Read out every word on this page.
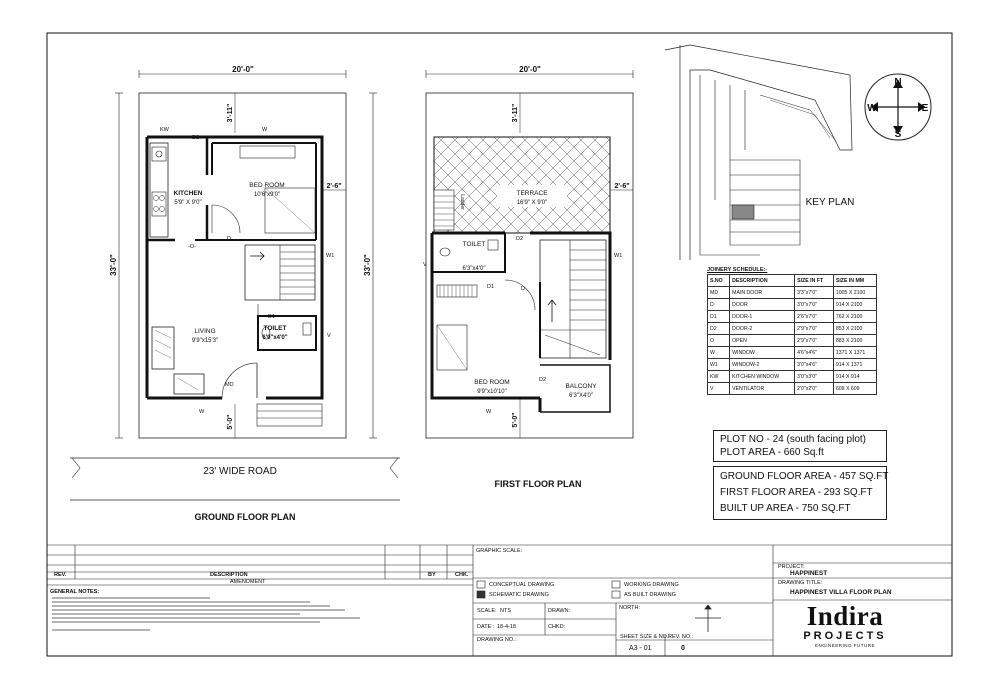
20'-0"
33'-0"	33'-0"
3'-11"
2'-6"
5'-0"
KITCHEN
5'9" X 9'0"
BED ROOM
10'6"x9'0"
LIVING
9'9"x15'3"
TOILET
6'0"x4'0"
KW
D2
W
D
-O-
W1
D1
V
MD
W
23' WIDE ROAD
GROUND FLOOR PLAN
20'-0"
3'-11"
2'-6"
5'-0"
Ladder
TERRACE
16'9" X 9'0"
TOILET
6'3"x4'0"
BED ROOM
9'9"x10'10"
BALCONY
6'3"X4'0"
D2
V
D1	D
W1
W
D2
FIRST FLOOR PLAN
KEY PLAN
N
S
E
W
JOINERY SCHEDULE:-
S.NO	DESCRIPTION	SIZE IN FT	SIZE IN MM
MD	MAIN DOOR	3'3"x7'0"	1005 X 2100
D	DOOR	3'0"x7'0"	914 X 2100
D1	DOOR-1	2'6"x7'0"	762 X 2100
D2	DOOR-2	2'9"x7'0"	853 X 2100
O	OPEN	2'9"x7'0"	883 X 2100
W	WINDOW	4'6"x4'6"	1371 X 1371
W1	WINDOW-2	3'0"x4'6"	914 X 1371
KW	KITCHEN WINDOW	3'0"x3'0"	914 X 914
V	VENTILATOR	2'0"x2'0"	609 X 609
PLOT NO - 24 (south facing plot)
PLOT AREA - 660 Sq.ft
GROUND FLOOR AREA - 457 SQ.FT
FIRST FLOOR AREA - 293 SQ.FT
BUILT UP AREA - 750 SQ.FT
REV.	DESCRIPTION	BY	CHK.
AMENDMENT
GENERAL NOTES:
GRAPHIC SCALE:
CONCEPTUAL DRAWING
SCHEMATIC DRAWING
WORKING DRAWING
AS BUILT DRAWING
NORTH:
SCALE: NTS	DRAWN:
DATE : 18-4-18	CHKD:
DRAWING NO.:	SHEET SIZE & NO.:
REV. NO.:
A3 - 01	0
PROJECT:
HAPPINEST
DRAWING TITLE:
HAPPINEST VILLA FLOOR PLAN
Indira
PROJECTS
ENGINEERING FUTURE
